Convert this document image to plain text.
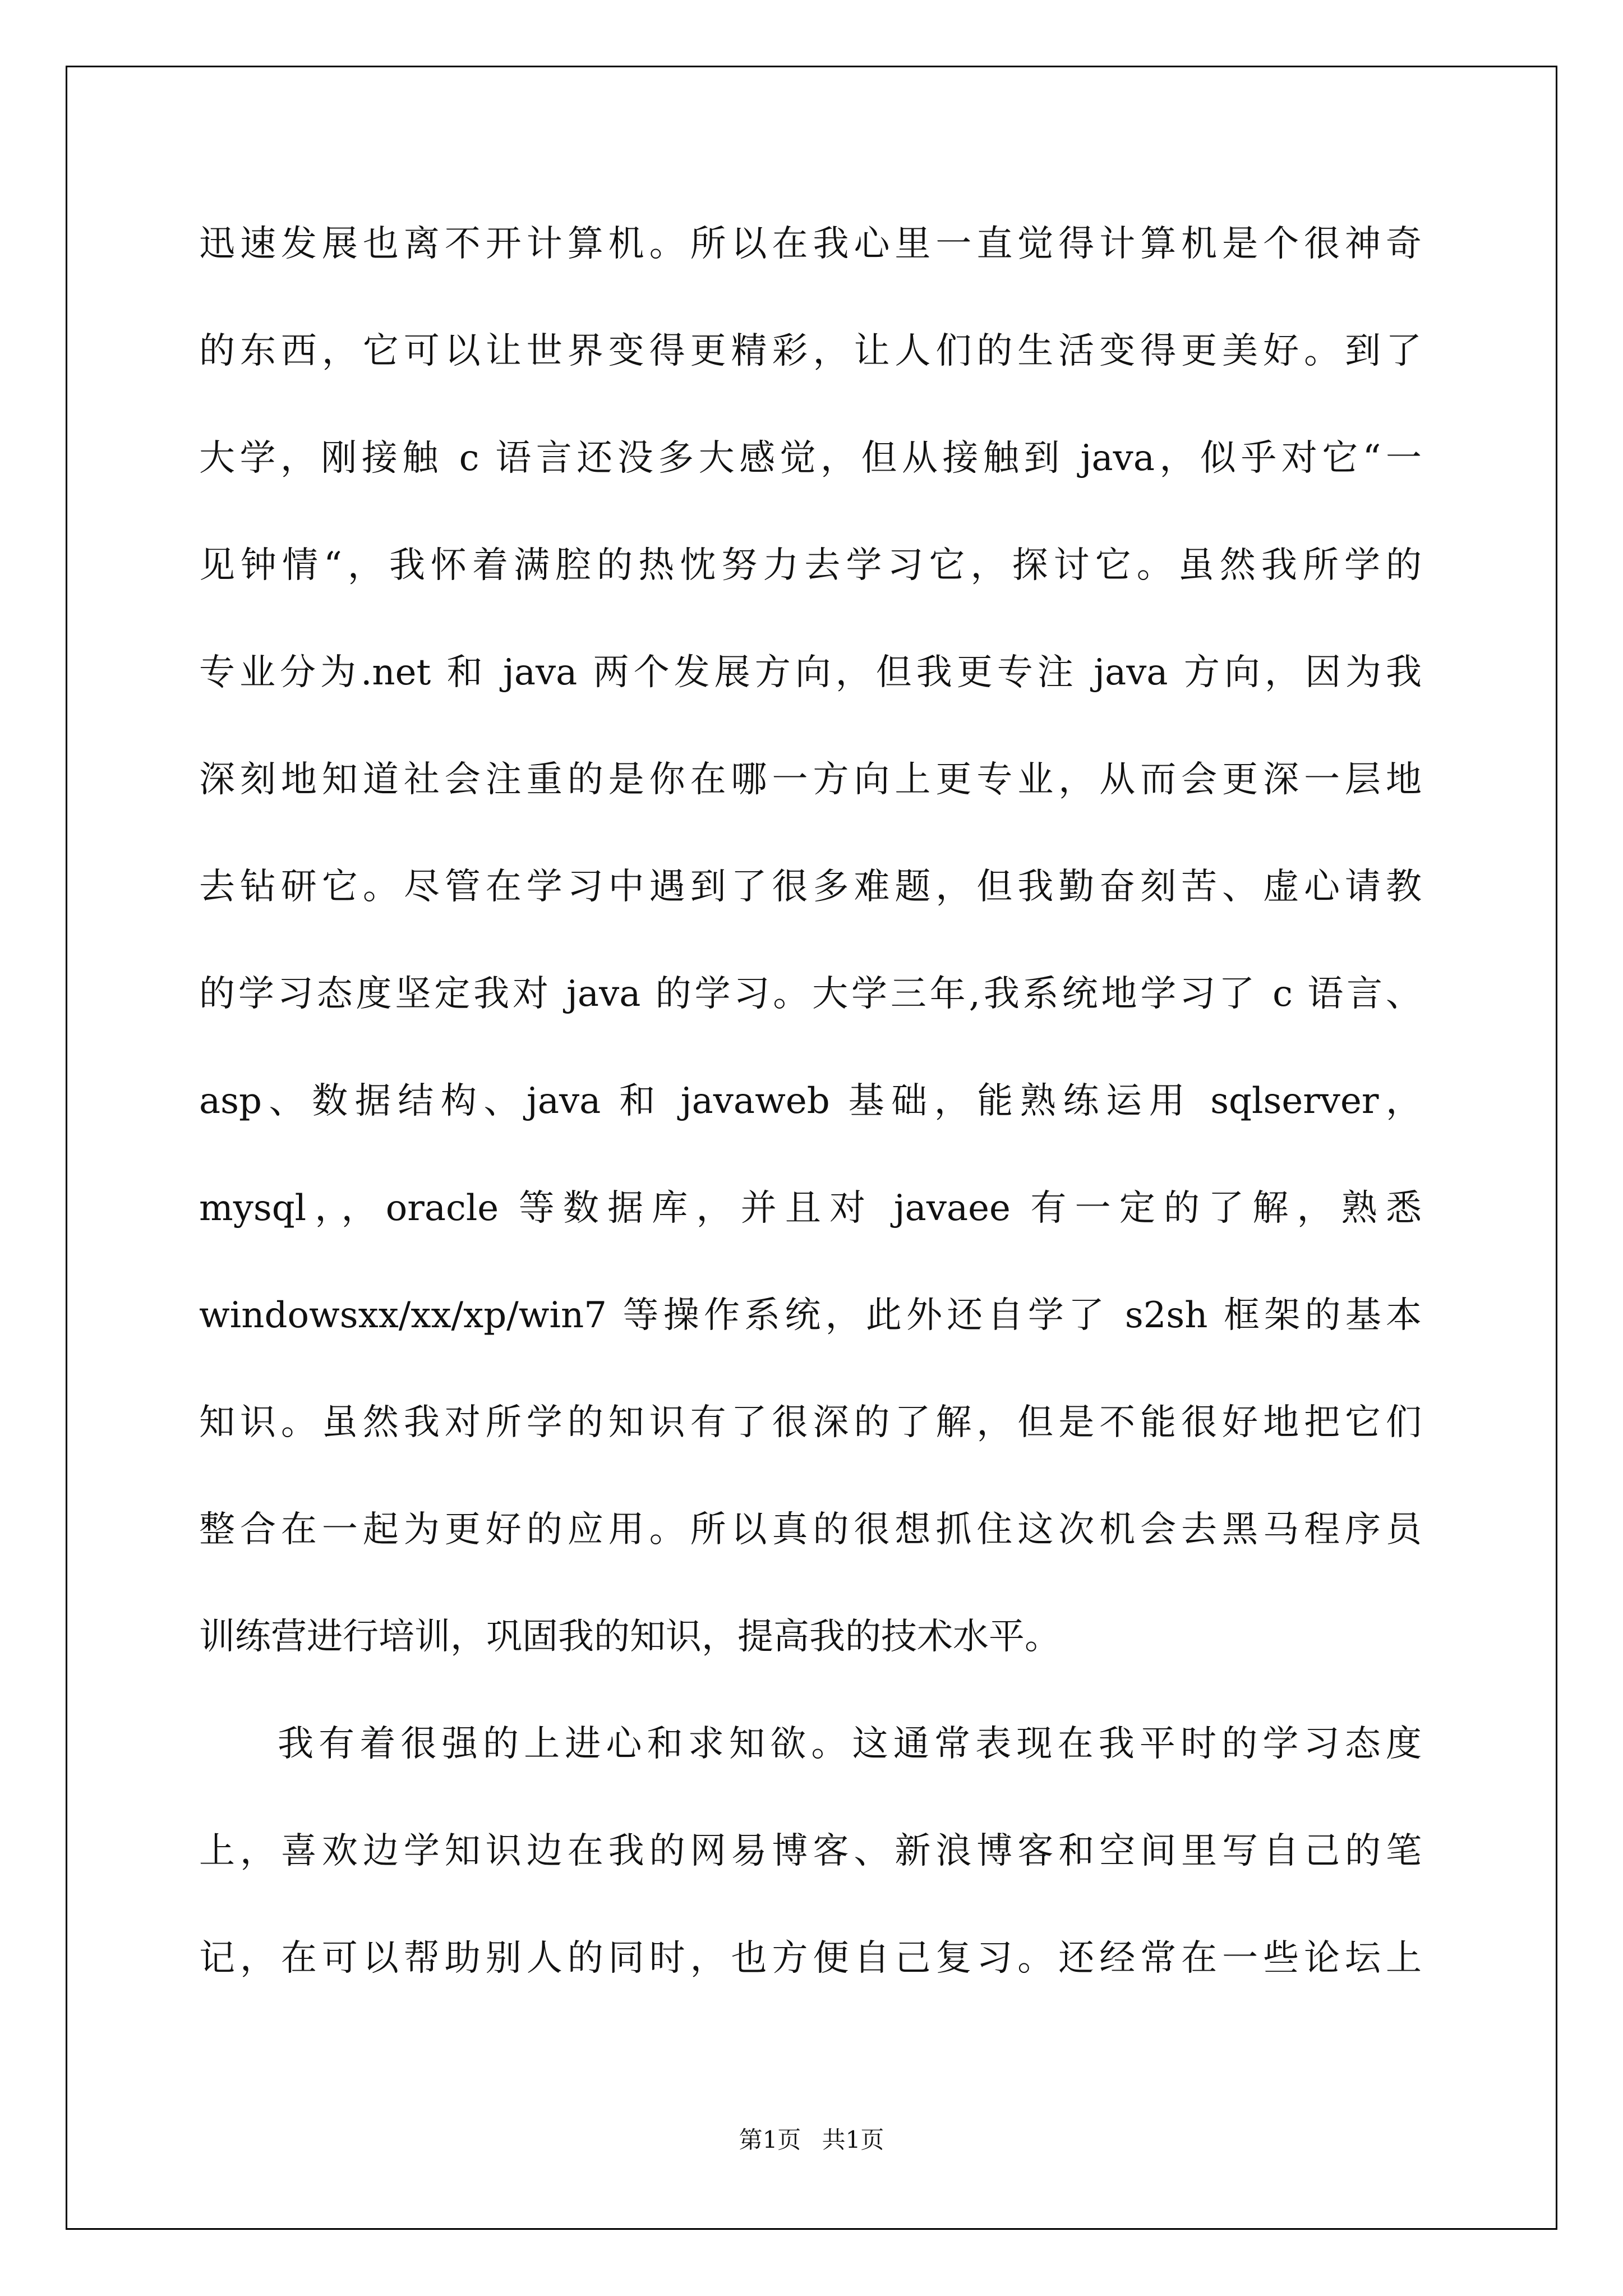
迅速发展也离不开计算机。所以在我心里一直觉得计算机是个很神奇
的东西，它可以让世界变得更精彩，让人们的生活变得更美好。到了
大学，刚接触 c 语言还没多大感觉，但从接触到 java，似乎对它“一
见钟情“，我怀着满腔的热忱努力去学习它，探讨它。虽然我所学的
专业分为.net 和 java 两个发展方向，但我更专注 java 方向，因为我
深刻地知道社会注重的是你在哪一方向上更专业，从而会更深一层地
去钻研它。尽管在学习中遇到了很多难题，但我勤奋刻苦、虚心请教
的学习态度坚定我对 java 的学习。大学三年,我系统地学习了 c 语言、
asp、数据结构、java 和 javaweb 基础，能熟练运用 sqlserver，
mysql，，oracle 等数据库，并且对 javaee 有一定的了解，熟悉
windowsxx/xx/xp/win7 等操作系统，此外还自学了 s2sh 框架的基本
知识。虽然我对所学的知识有了很深的了解，但是不能很好地把它们
整合在一起为更好的应用。所以真的很想抓住这次机会去黑马程序员
训练营进行培训，巩固我的知识，提高我的技术水平。
我有着很强的上进心和求知欲。这通常表现在我平时的学习态度
上，喜欢边学知识边在我的网易博客、新浪博客和空间里写自己的笔
记，在可以帮助别人的同时，也方便自己复习。还经常在一些论坛上
第1页 共1页
